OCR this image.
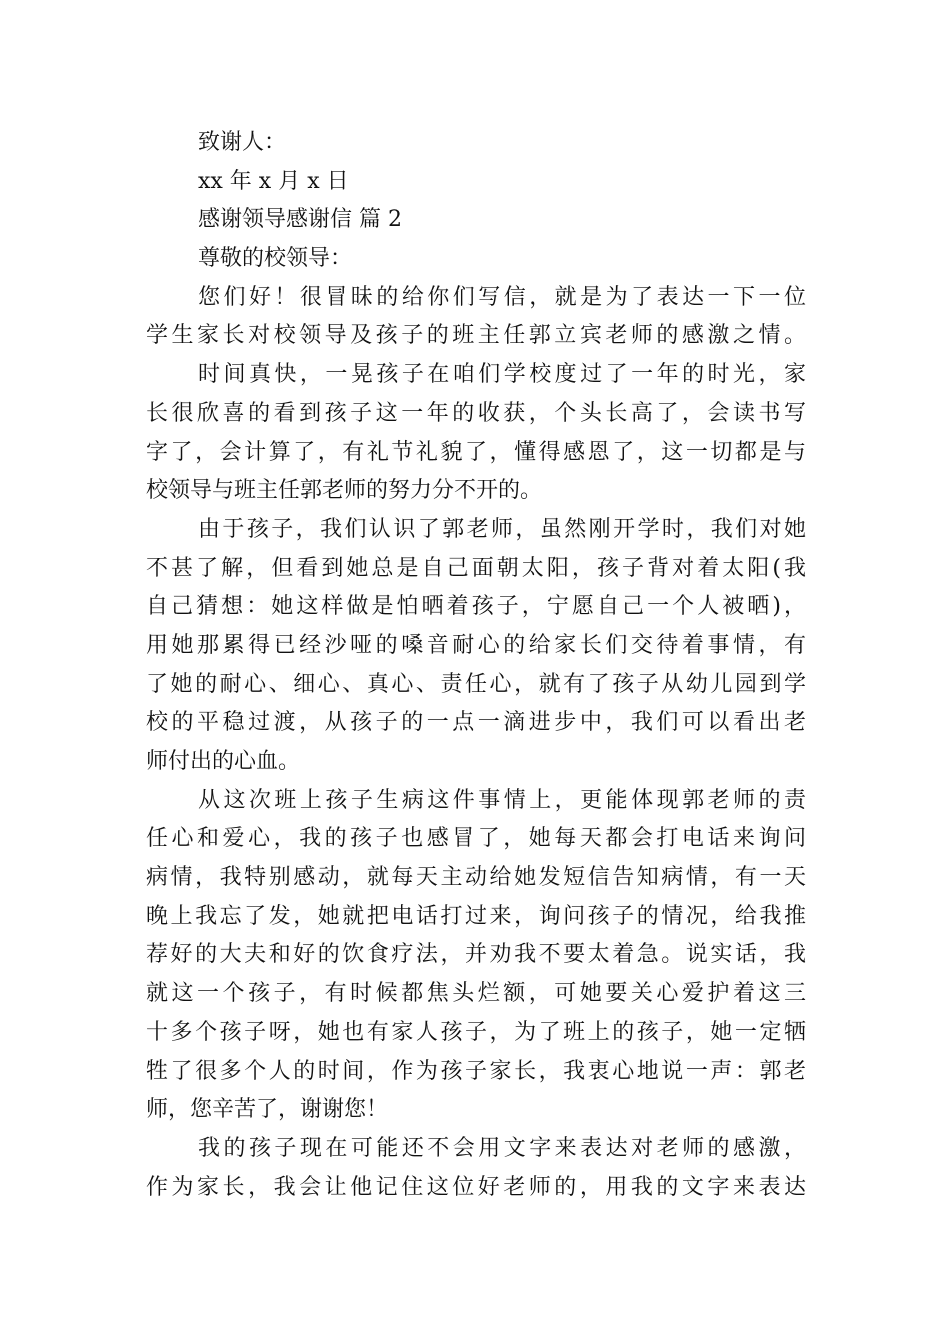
致谢人：
xx 年 x 月 x 日
感谢领导感谢信 篇 2
尊敬的校领导：
您们好！很冒昧的给你们写信，就是为了表达一下一位
学生家长对校领导及孩子的班主任郭立宾老师的感激之情。
时间真快，一晃孩子在咱们学校度过了一年的时光，家
长很欣喜的看到孩子这一年的收获，个头长高了，会读书写
字了，会计算了，有礼节礼貌了，懂得感恩了，这一切都是与
校领导与班主任郭老师的努力分不开的。
由于孩子，我们认识了郭老师，虽然刚开学时，我们对她
不甚了解，但看到她总是自己面朝太阳，孩子背对着太阳(我
自己猜想：她这样做是怕晒着孩子，宁愿自己一个人被晒)，
用她那累得已经沙哑的嗓音耐心的给家长们交待着事情，有
了她的耐心、细心、真心、责任心，就有了孩子从幼儿园到学
校的平稳过渡，从孩子的一点一滴进步中，我们可以看出老
师付出的心血。
从这次班上孩子生病这件事情上，更能体现郭老师的责
任心和爱心，我的孩子也感冒了，她每天都会打电话来询问
病情，我特别感动，就每天主动给她发短信告知病情，有一天
晚上我忘了发，她就把电话打过来，询问孩子的情况，给我推
荐好的大夫和好的饮食疗法，并劝我不要太着急。说实话，我
就这一个孩子，有时候都焦头烂额，可她要关心爱护着这三
十多个孩子呀，她也有家人孩子，为了班上的孩子，她一定牺
牲了很多个人的时间，作为孩子家长，我衷心地说一声：郭老
师，您辛苦了，谢谢您！
我的孩子现在可能还不会用文字来表达对老师的感激，
作为家长，我会让他记住这位好老师的，用我的文字来表达
